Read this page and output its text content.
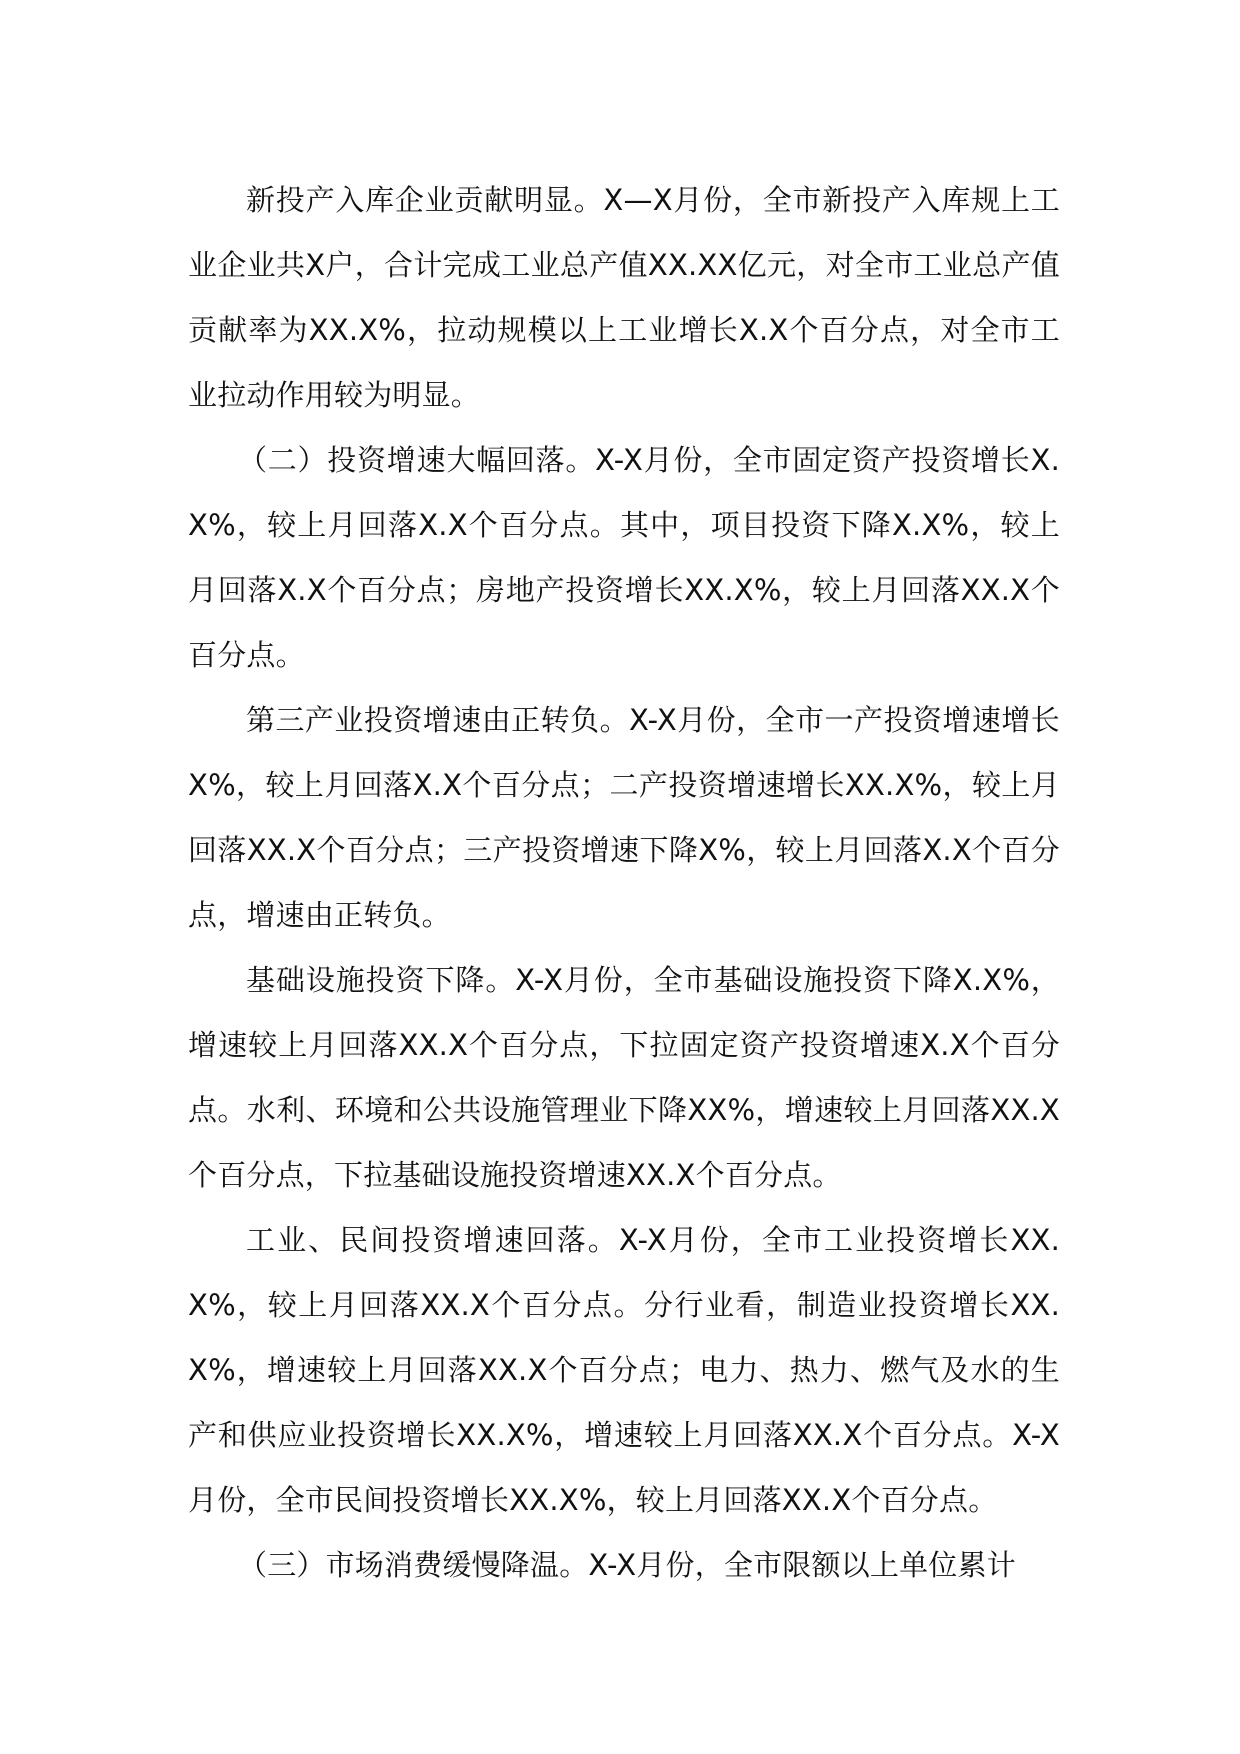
新投产入库企业贡献明显。X—X月份，全市新投产入库规上工业企业共X户，合计完成工业总产值XX.XX亿元，对全市工业总产值贡献率为XX.X%，拉动规模以上工业增长X.X个百分点，对全市工业拉动作用较为明显。

（二）投资增速大幅回落。X-X月份，全市固定资产投资增长X.X%，较上月回落X.X个百分点。其中，项目投资下降X.X%，较上月回落X.X个百分点；房地产投资增长XX.X%，较上月回落XX.X个百分点。

第三产业投资增速由正转负。X-X月份，全市一产投资增速增长X%，较上月回落X.X个百分点；二产投资增速增长XX.X%，较上月回落XX.X个百分点；三产投资增速下降X%，较上月回落X.X个百分点，增速由正转负。

基础设施投资下降。X-X月份，全市基础设施投资下降X.X%，增速较上月回落XX.X个百分点，下拉固定资产投资增速X.X个百分点。水利、环境和公共设施管理业下降XX%，增速较上月回落XX.X个百分点，下拉基础设施投资增速XX.X个百分点。

工业、民间投资增速回落。X-X月份，全市工业投资增长XX.X%，较上月回落XX.X个百分点。分行业看，制造业投资增长XX.X%，增速较上月回落XX.X个百分点；电力、热力、燃气及水的生产和供应业投资增长XX.X%，增速较上月回落XX.X个百分点。X-X月份，全市民间投资增长XX.X%，较上月回落XX.X个百分点。

（三）市场消费缓慢降温。X-X月份，全市限额以上单位累计
